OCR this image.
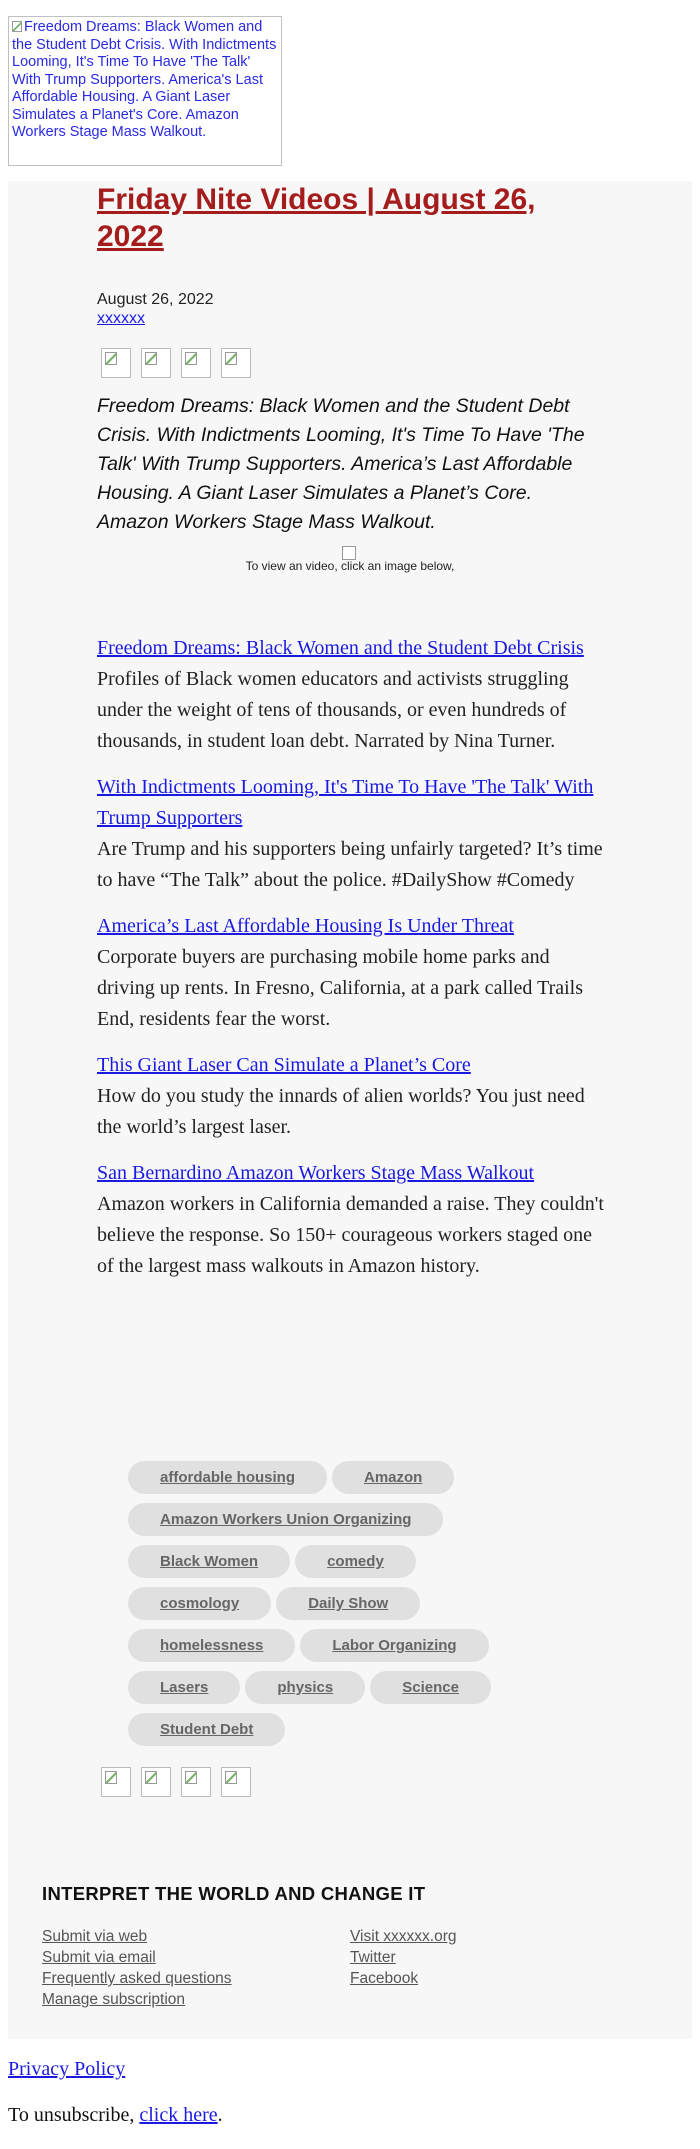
Freedom Dreams: Black Women and the Student Debt Crisis. With Indictments Looming, It's Time To Have 'The Talk' With Trump Supporters. America's Last Affordable Housing. A Giant Laser Simulates a Planet's Core. Amazon Workers Stage Mass Walkout.
Friday Nite Videos | August 26, 2022
August 26, 2022
xxxxxx
Freedom Dreams: Black Women and the Student Debt Crisis. With Indictments Looming, It's Time To Have 'The Talk' With Trump Supporters. America’s Last Affordable Housing. A Giant Laser Simulates a Planet’s Core. Amazon Workers Stage Mass Walkout.
To view an video, click an image below,
Freedom Dreams: Black Women and the Student Debt Crisis
Profiles of Black women educators and activists struggling under the weight of tens of thousands, or even hundreds of thousands, in student loan debt. Narrated by Nina Turner.
With Indictments Looming, It's Time To Have 'The Talk' With Trump Supporters
Are Trump and his supporters being unfairly targeted? It’s time to have “The Talk” about the police. #DailyShow #Comedy
America’s Last Affordable Housing Is Under Threat
Corporate buyers are purchasing mobile home parks and driving up rents. In Fresno, California, at a park called Trails End, residents fear the worst.
This Giant Laser Can Simulate a Planet’s Core
How do you study the innards of alien worlds? You just need the world’s largest laser.
San Bernardino Amazon Workers Stage Mass Walkout
Amazon workers in California demanded a raise. They couldn't believe the response. So 150+ courageous workers staged one of the largest mass walkouts in Amazon history.
affordable housing	Amazon
Amazon Workers Union Organizing
Black Women	comedy
cosmology	Daily Show
homelessness	Labor Organizing
Lasers	physics	Science
Student Debt
INTERPRET THE WORLD AND CHANGE IT
Submit via web
Submit via email
Frequently asked questions
Manage subscription
Visit xxxxxx.org
Twitter
Facebook
Privacy Policy
To unsubscribe, click here.
